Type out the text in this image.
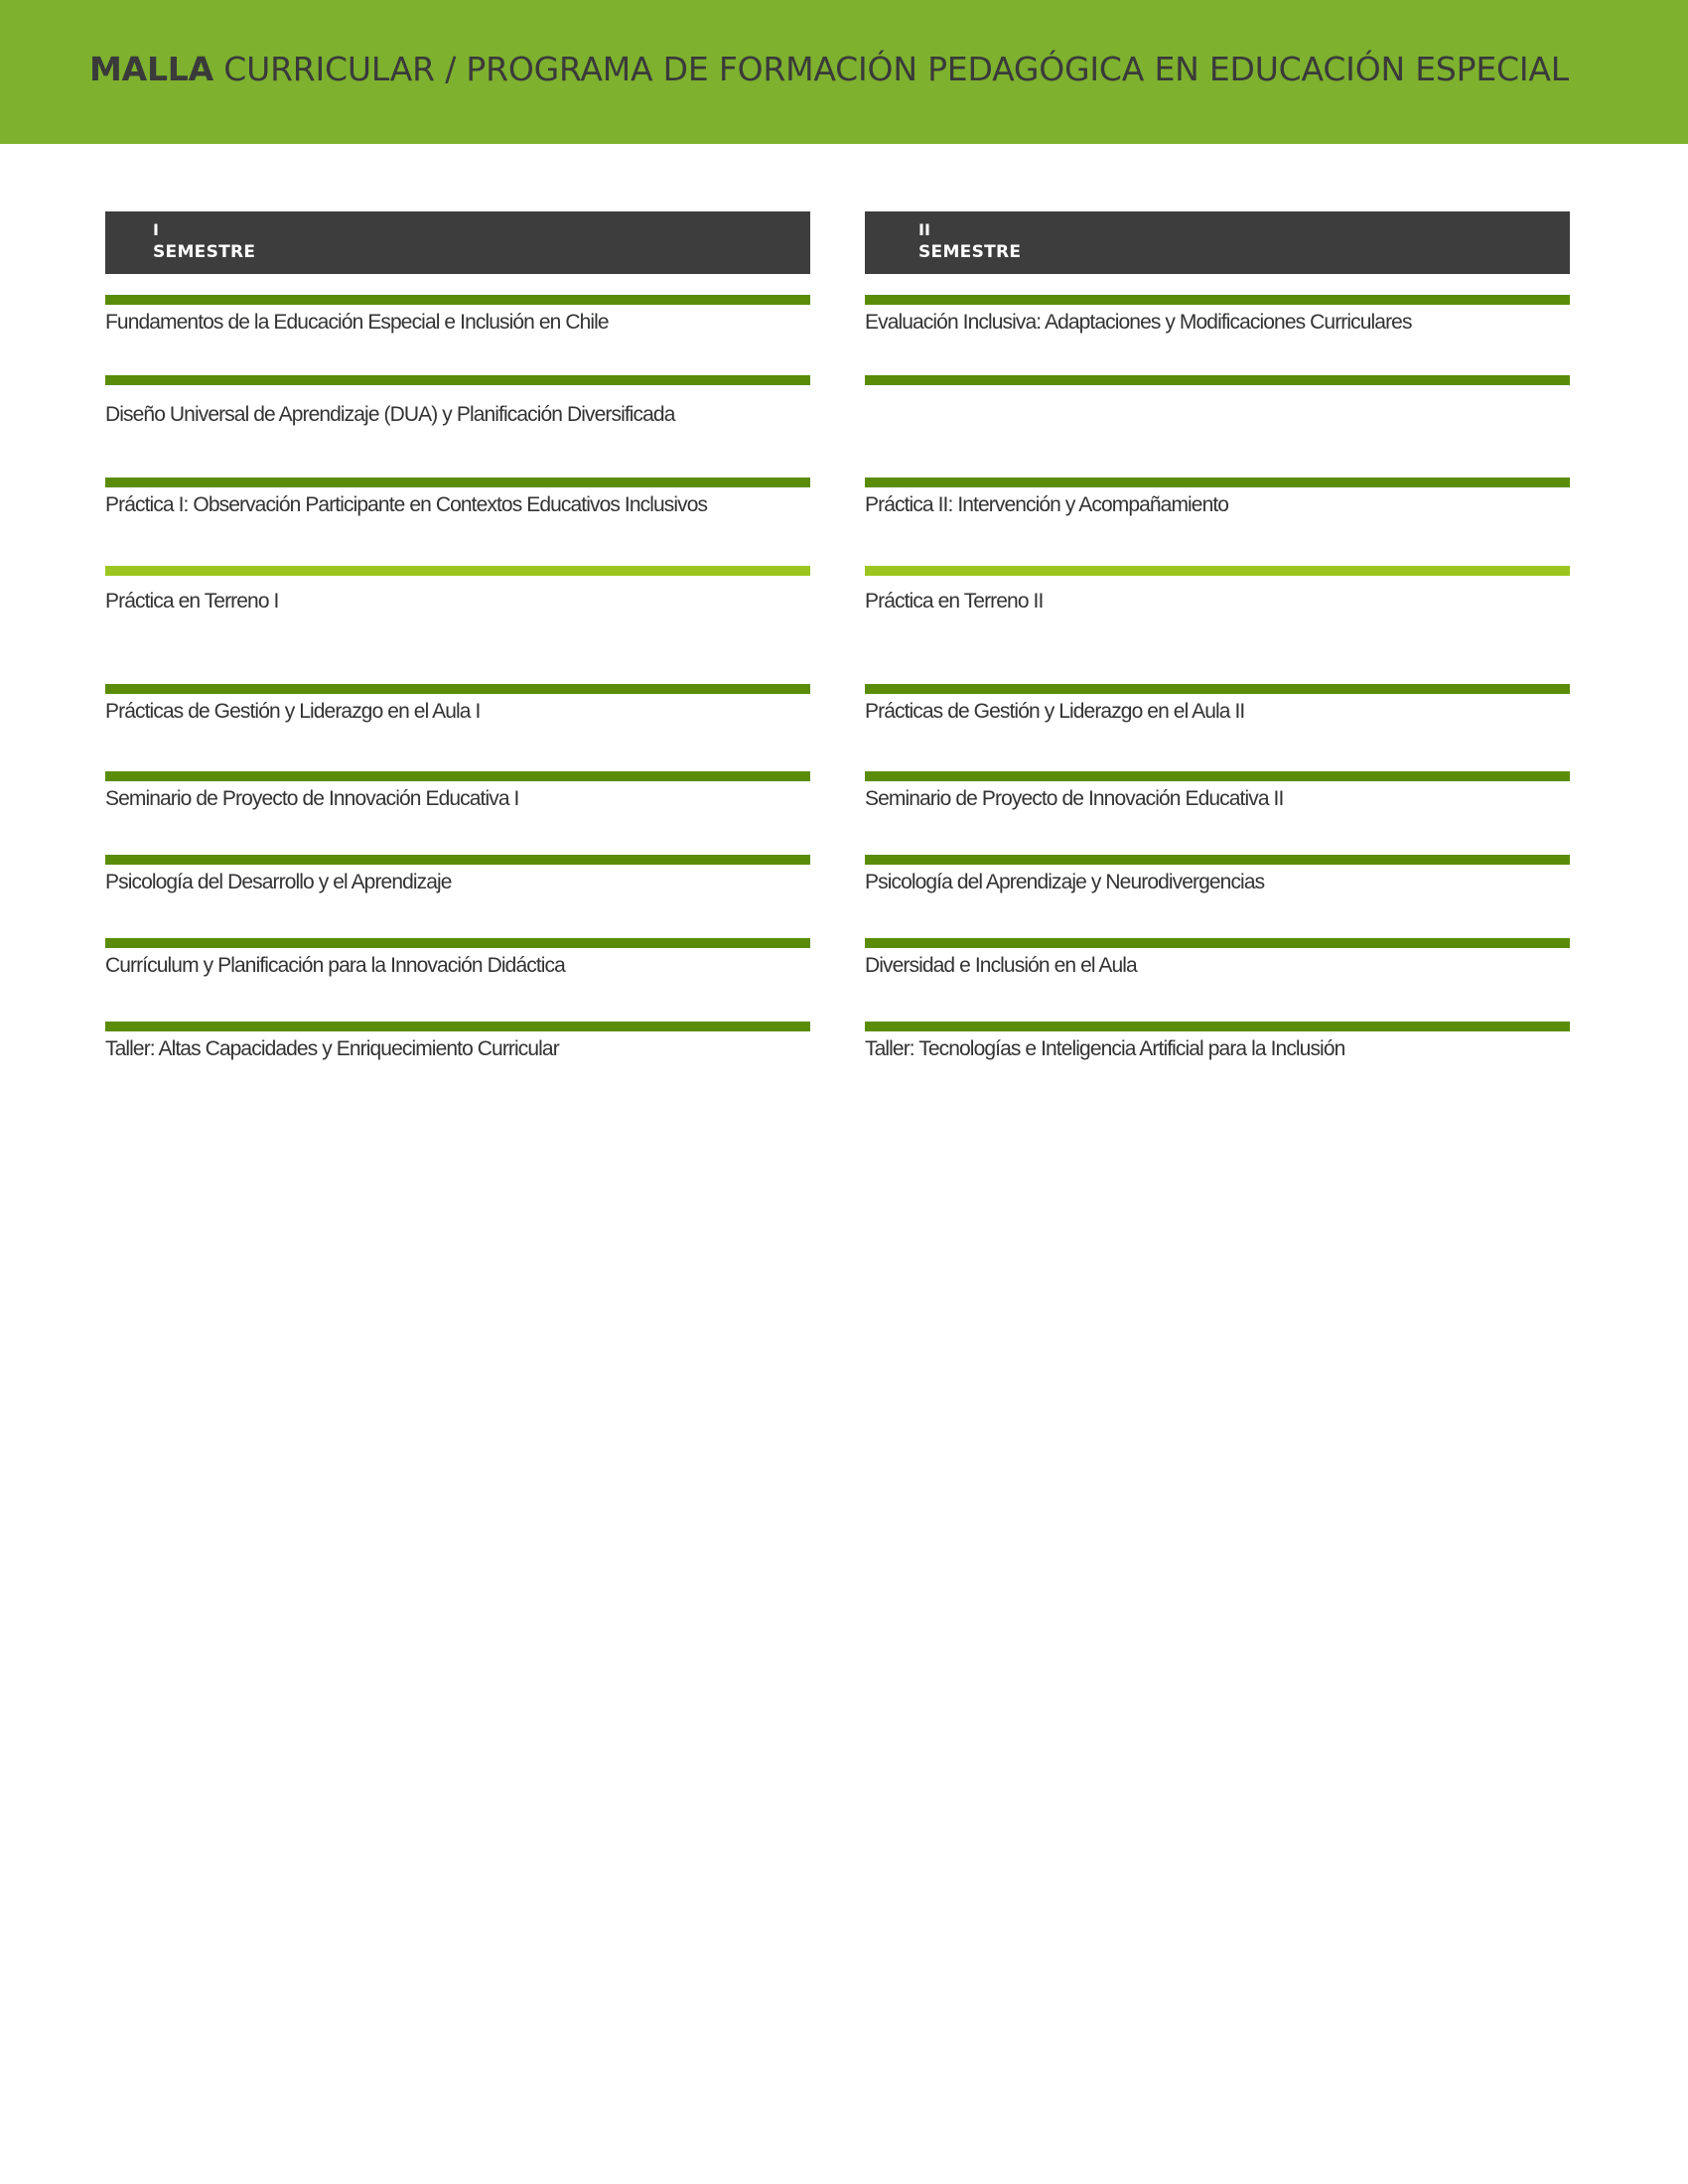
MALLA CURRICULAR / PROGRAMA DE FORMACIÓN PEDAGÓGICA EN EDUCACIÓN ESPECIAL
I
SEMESTRE
Fundamentos de la Educación Especial e Inclusión en Chile
Diseño Universal de Aprendizaje (DUA) y Planificación Diversificada
Práctica I: Observación Participante en Contextos Educativos Inclusivos
Práctica en Terreno I
Prácticas de Gestión y Liderazgo en el Aula I
Seminario de Proyecto de Innovación Educativa I
Psicología del Desarrollo y el Aprendizaje
Currículum y Planificación para la Innovación Didáctica
Taller: Altas Capacidades y Enriquecimiento Curricular
II
SEMESTRE
Evaluación Inclusiva: Adaptaciones y Modificaciones Curriculares
Práctica II: Intervención y Acompañamiento
Práctica en Terreno II
Prácticas de Gestión y Liderazgo en el Aula II
Seminario de Proyecto de Innovación Educativa II
Psicología del Aprendizaje y Neurodivergencias
Diversidad e Inclusión en el Aula
Taller: Tecnologías e Inteligencia Artificial para la Inclusión
